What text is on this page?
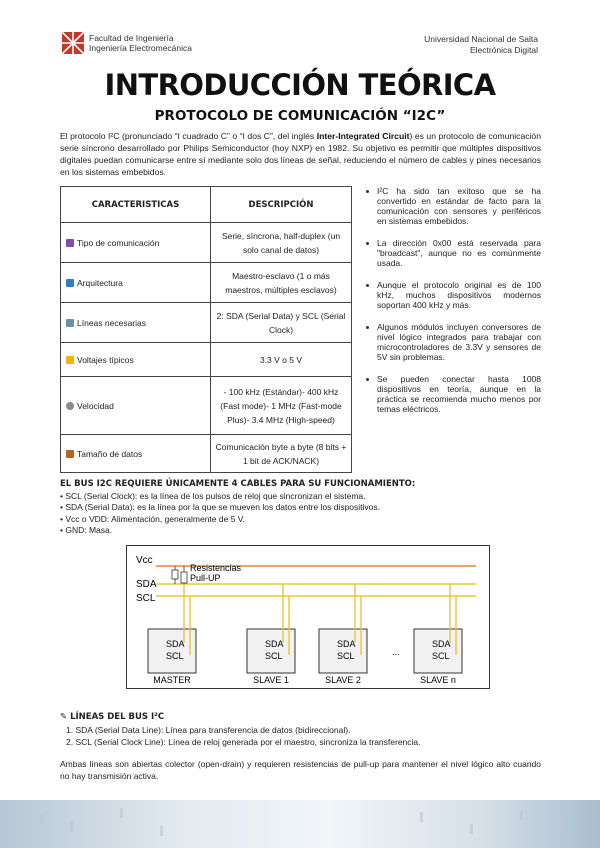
Facultad de Ingeniería
Ingeniería Electromecánica
Universidad Nacional de Salta
Electrónica Digital
INTRODUCCIÓN TEÓRICA
PROTOCOLO DE COMUNICACIÓN “I2C”
El protocolo I²C (pronunciado “I cuadrado C” o “I dos C”, del inglés Inter-Integrated Circuit) es un protocolo de comunicación serie síncrono desarrollado por Philips Semiconductor (hoy NXP) en 1982. Su objetivo es permitir que múltiples dispositivos digitales puedan comunicarse entre sí mediante solo dos líneas de señal, reduciendo el número de cables y pines necesarios en los sistemas embebidos.
CARACTERISTICAS	DESCRIPCIÓN
Tipo de comunicación	Serie, síncrona, half-duplex (un solo canal de datos)
Arquitectura	Maestro-esclavo (1 o más maestros, múltiples esclavos)
Líneas necesarias	2: SDA (Serial Data) y SCL (Serial Clock)
Voltajes típicos	3.3 V o 5 V
Velocidad	- 100 kHz (Estándar)- 400 kHz (Fast mode)- 1 MHz (Fast-mode Plus)- 3.4 MHz (High-speed)
Tamaño de datos	Comunicación byte a byte (8 bits + 1 bit de ACK/NACK)
I²C ha sido tan exitoso que se ha convertido en estándar de facto para la comunicación con sensores y periféricos en sistemas embebidos.
La dirección 0x00 está reservada para "broadcast", aunque no es comúnmente usada.
Aunque el protocolo original es de 100 kHz, muchos dispositivos modernos soportan 400 kHz y más.
Algunos módulos incluyen conversores de nivel lógico integrados para trabajar con microcontroladores de 3.3V y sensores de 5V sin problemas.
Se pueden conectar hasta 1008 dispositivos en teoría, aunque en la práctica se recomienda mucho menos por temas eléctricos.
EL BUS I2C REQUIERE ÚNICAMENTE 4 CABLES PARA SU FUNCIONAMIENTO:
• SCL (Serial Clock): es la línea de los pulsos de reloj que sincronizan el sistema.
• SDA (Serial Data): es la línea por la que se mueven los datos entre los dispositivos.
• Vcc o VDD: Alimentación, generalmente de 5 V.
• GND: Masa.
Vcc
SDA
SCL
Resistencias
Pull-UP
SDA
SCL
MASTER
SDA
SCL
SLAVE 1
SDA
SCL
SLAVE 2
...
SDA
SCL
SLAVE n
✎ LÍNEAS DEL BUS I²C
1. SDA (Serial Data Line): Línea para transferencia de datos (bidireccional).
2. SCL (Serial Clock Line): Línea de reloj generada por el maestro, sincroniza la transferencia.
Ambas líneas son abiertas colector (open-drain) y requieren resistencias de pull-up para mantener el nivel lógico alto cuando no hay transmisión activa.
